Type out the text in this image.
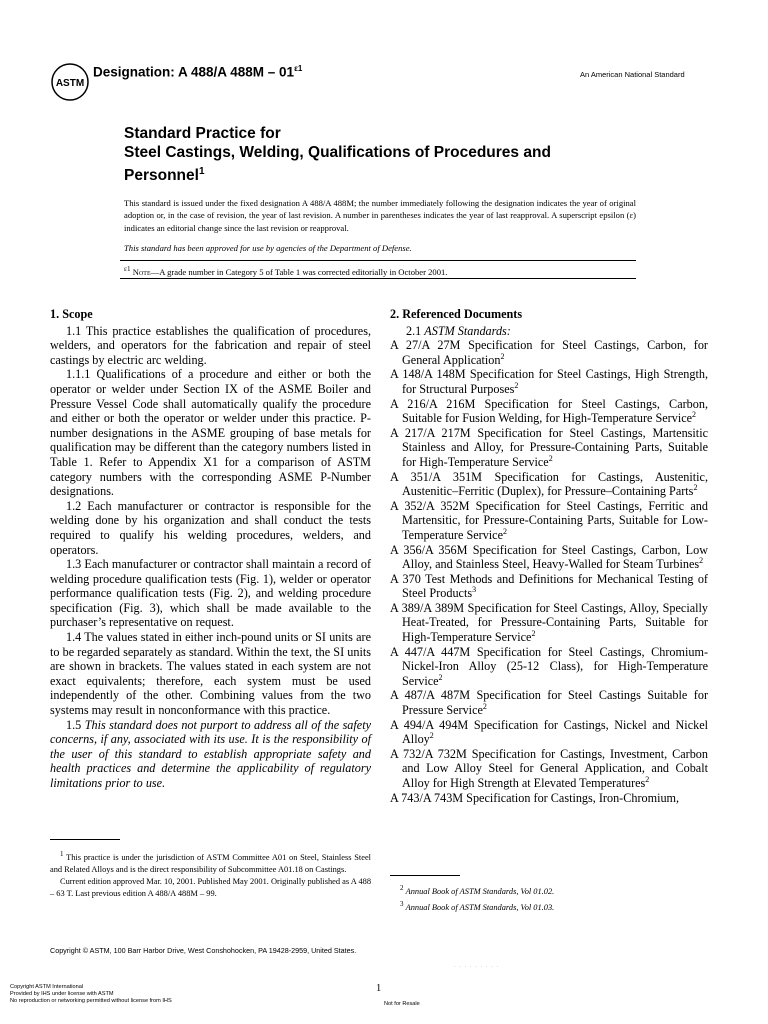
ASTM
Designation: A 488/A $488M - 01^{\varepsilon 1}$
An American National Standard
Standard Practice for
Steel Castings, Welding, Qualifications of Procedures and
Personnel$^1$
This standard is issued under the fixed designation A 488/A 488M; the number immediately following the designation indicates the year of original adoption or, in the case of revision, the year of last revision. A number in parentheses indicates the year of last reapproval. A superscript epsilon (ε) indicates an editorial change since the last revision or reapproval.
This standard has been approved for use by agencies of the Department of Defense.
$^{\varepsilon 1}$ Note—A grade number in Category 5 of Table 1 was corrected editorially in October 2001.

1. Scope

1.1 This practice establishes the qualification of procedures, welders, and operators for the fabrication and repair of steel castings by electric arc welding.

1.1.1 Qualifications of a procedure and either or both the operator or welder under Section IX of the ASME Boiler and Pressure Vessel Code shall automatically qualify the procedure and either or both the operator or welder under this practice. P-number designations in the ASME grouping of base metals for qualification may be different than the category numbers listed in Table 1. Refer to Appendix X1 for a comparison of ASTM category numbers with the corresponding ASME P-Number designations.

1.2 Each manufacturer or contractor is responsible for the welding done by his organization and shall conduct the tests required to qualify his welding procedures, welders, and operators.

1.3 Each manufacturer or contractor shall maintain a record of welding procedure qualification tests (Fig. 1), welder or operator performance qualification tests (Fig. 2), and welding procedure specification (Fig. 3), which shall be made available to the purchaser’s representative on request.

1.4 The values stated in either inch-pound units or SI units are to be regarded separately as standard. Within the text, the SI units are shown in brackets. The values stated in each system are not exact equivalents; therefore, each system must be used independently of the other. Combining values from the two systems may result in nonconformance with this practice.

1.5 This standard does not purport to address all of the safety concerns, if any, associated with its use. It is the responsibility of the user of this standard to establish appropriate safety and health practices and determine the applicability of regulatory limitations prior to use.

2. Referenced Documents

2.1 ASTM Standards:

A 27/A 27M Specification for Steel Castings, Carbon, for General Application$^2$

A 148/A 148M Specification for Steel Castings, High Strength, for Structural Purposes$^2$

A 216/A 216M Specification for Steel Castings, Carbon, Suitable for Fusion Welding, for High-Temperature Service$^2$

A 217/A 217M Specification for Steel Castings, Martensitic Stainless and Alloy, for Pressure-Containing Parts, Suitable for High-Temperature Service$^2$

A 351/A 351M Specification for Castings, Austenitic, Austenitic–Ferritic (Duplex), for Pressure–Containing Parts$^2$

A 352/A 352M Specification for Steel Castings, Ferritic and Martensitic, for Pressure-Containing Parts, Suitable for Low-Temperature Service$^2$

A 356/A 356M Specification for Steel Castings, Carbon, Low Alloy, and Stainless Steel, Heavy-Walled for Steam Turbines$^2$

A 370 Test Methods and Definitions for Mechanical Testing of Steel Products$^3$

A 389/A 389M Specification for Steel Castings, Alloy, Specially Heat-Treated, for Pressure-Containing Parts, Suitable for High-Temperature Service$^2$

A 447/A 447M Specification for Steel Castings, Chromium-Nickel-Iron Alloy (25-12 Class), for High-Temperature Service$^2$

A 487/A 487M Specification for Steel Castings Suitable for Pressure Service$^2$

A 494/A 494M Specification for Castings, Nickel and Nickel Alloy$^2$

A 732/A 732M Specification for Castings, Investment, Carbon and Low Alloy Steel for General Application, and Cobalt Alloy for High Strength at Elevated Temperatures$^2$

A 743/A 743M Specification for Castings, Iron-Chromium,

$^1$ This practice is under the jurisdiction of ASTM Committee A01 on Steel, Stainless Steel and Related Alloys and is the direct responsibility of Subcommittee A01.18 on Castings.

Current edition approved Mar. 10, 2001. Published May 2001. Originally published as A 488 – 63 T. Last previous edition A 488/A 488M – 99.

$^2$ Annual Book of ASTM Standards, Vol 01.02.

$^3$ Annual Book of ASTM Standards, Vol 01.03.

Copyright © ASTM, 100 Barr Harbor Drive, West Conshohocken, PA 19428-2959, United States.
. . . . . . . . .
Copyright ASTM International
Provided by IHS under license with ASTM
No reproduction or networking permitted without license from IHS
1
Not for Resale
